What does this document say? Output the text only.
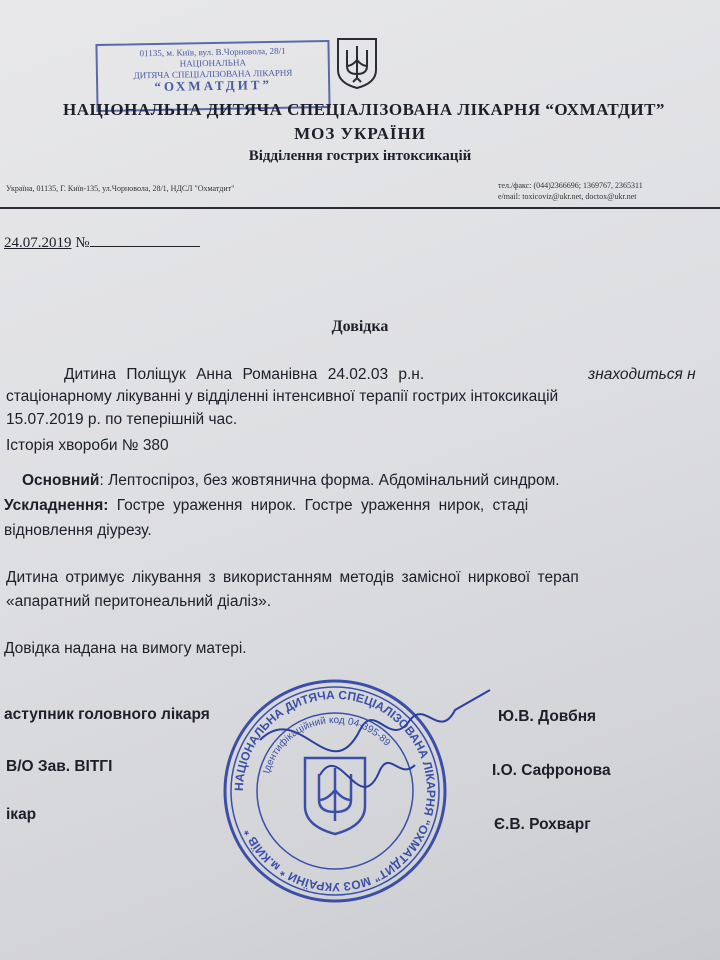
01135, м. Київ, вул. В.Чорновола, 28/1
НАЦІОНАЛЬНА
ДИТЯЧА СПЕЦІАЛІЗОВАНА ЛІКАРНЯ
“ОХМАТДИТ”
НАЦІОНАЛЬНА ДИТЯЧА СПЕЦІАЛІЗОВАНА ЛІКАРНЯ “ОХМАТДИТ”
МОЗ УКРАЇНИ
Відділення гострих інтоксикацій
Україна, 01135, Г. Київ-135, ул.Чорновола, 28/1, НДСЛ "Охматдит"	тел./факс: (044)2366696; 1369767, 2365311
e/mail: toxicoviz@ukr.net, doctox@ukr.net
24.07.2019 №
Довідка
Дитина Поліщук Анна Романівна 24.02.03 р.н.	знаходиться н
стаціонарному лікуванні у відділенні інтенсивної терапії гострих інтоксикацій
15.07.2019 р. по теперішній час.
Історія хвороби № 380
Основний: Лептоспіроз, без жовтянична форма. Абдомінальний синдром.
Ускладнення: Гостре ураження нирок. Гостре ураження нирок, стаді
відновлення діурезу.
Дитина отримує лікування з використанням методів замісної ниркової терап
«апаратний перитонеальний діаліз».
Довідка надана на вимогу матері.
НАЦІОНАЛЬНА ДИТЯЧА СПЕЦІАЛІЗОВАНА ЛІКАРНЯ “ОХМАТДИТ” МОЗ УКРАЇНИ * м.КИЇВ *
Ідентифікаційний код 04-395-89
аступник головного лікаря
В/О Зав. ВІТГІ
ікар
Ю.В. Довбня
І.О. Сафронова
Є.В. Рохварг
